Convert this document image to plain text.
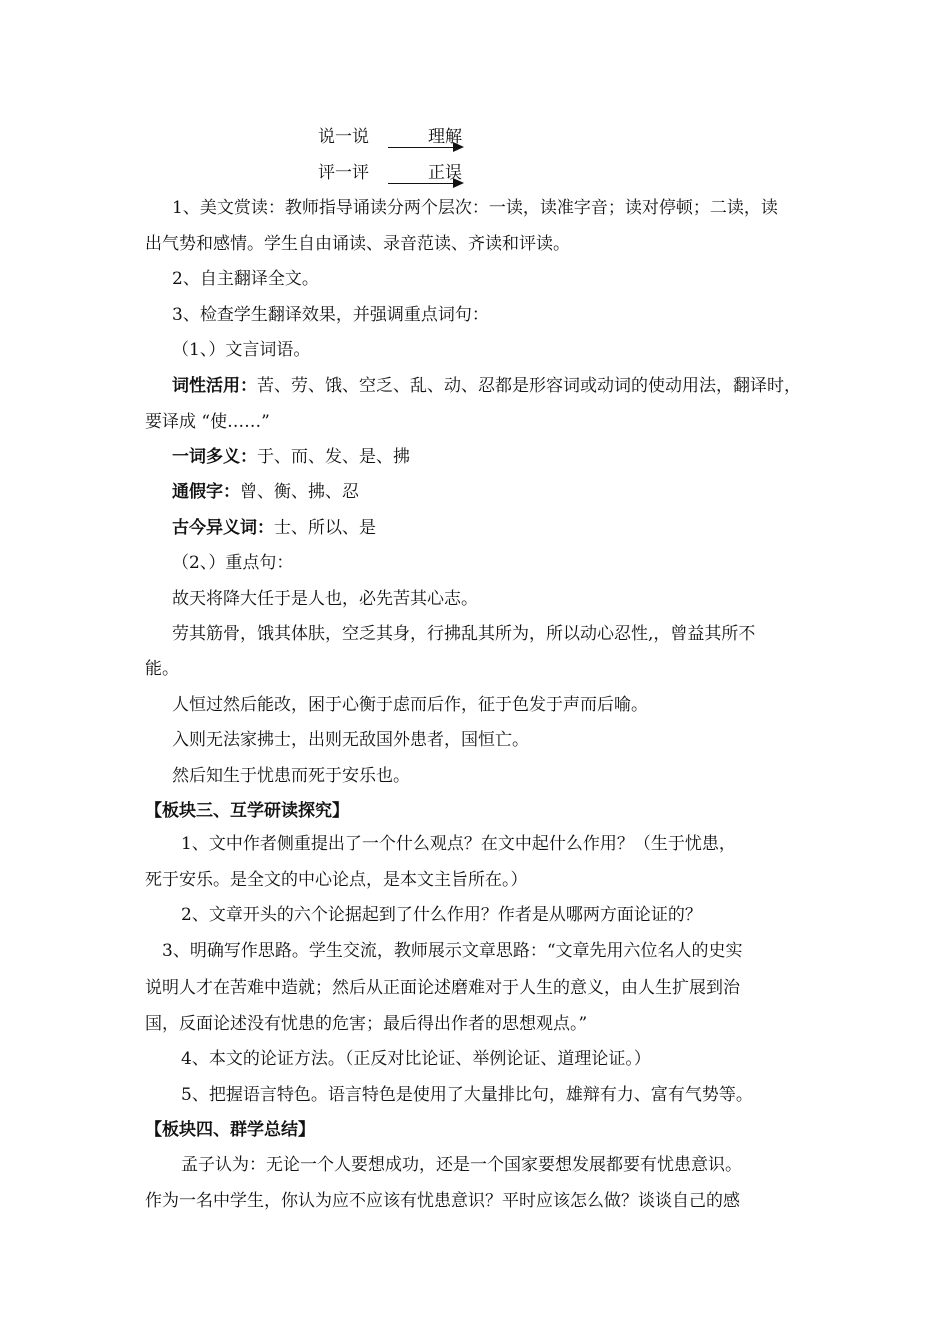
说一说	理解
评一评	正误
1、美文赏读：教师指导诵读分两个层次：一读，读准字音；读对停顿；二读，读
出气势和感情。学生自由诵读、录音范读、齐读和评读。
2、自主翻译全文。
3、检查学生翻译效果，并强调重点词句：
（1、）文言词语。
词性活用：苦、劳、饿、空乏、乱、动、忍都是形容词或动词的使动用法，翻译时，
要译成 “使……”
一词多义：于、而、发、是、拂
通假字：曾、衡、拂、忍
古今异义词：士、所以、是
（2、）重点句：
故天将降大任于是人也，必先苦其心志。
劳其筋骨，饿其体肤，空乏其身，行拂乱其所为，所以动心忍性,，曾益其所不
能。
人恒过然后能改，困于心衡于虑而后作，征于色发于声而后喻。
入则无法家拂士，出则无敌国外患者，国恒亡。
然后知生于忧患而死于安乐也。
【板块三、互学研读探究】
1、文中作者侧重提出了一个什么观点？在文中起什么作用？（生于忧患，
死于安乐。是全文的中心论点，是本文主旨所在。）
2、文章开头的六个论据起到了什么作用？作者是从哪两方面论证的？
3、明确写作思路。学生交流，教师展示文章思路：“文章先用六位名人的史实
说明人才在苦难中造就；然后从正面论述磨难对于人生的意义，由人生扩展到治
国，反面论述没有忧患的危害；最后得出作者的思想观点。”
4、本文的论证方法。（正反对比论证、举例论证、道理论证。）
5、把握语言特色。语言特色是使用了大量排比句，雄辩有力、富有气势等。
【板块四、群学总结】
孟子认为：无论一个人要想成功，还是一个国家要想发展都要有忧患意识。
作为一名中学生，你认为应不应该有忧患意识？平时应该怎么做？谈谈自己的感
